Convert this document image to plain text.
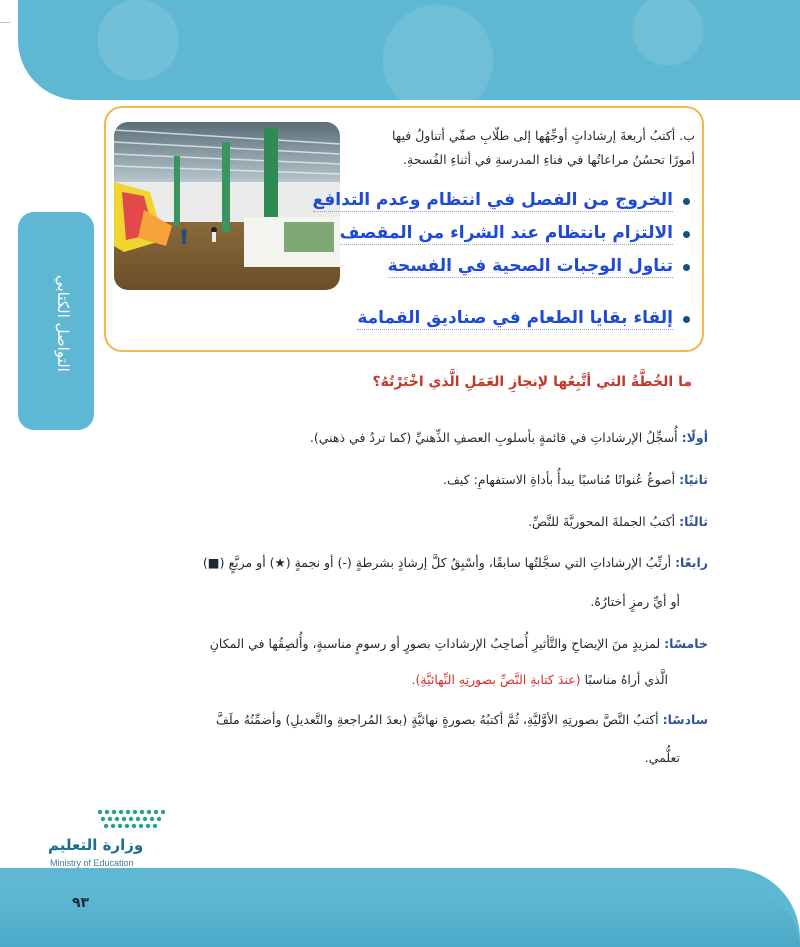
التواصل الكتابي
ب. أكتبُ أربعةَ إرشاداتٍ أوجِّهُها إلى طلّابِ صفّي أتناولُ فيها
أمورًا تحسُنُ مراعاتُها في فناءِ المدرسةِ في أثناءِ الفُسحةِ.
الخروج من الفصل في انتظام وعدم التدافع
الالتزام بانتظام عند الشراء من المقصف
تناول الوجبات الصحية في الفسحة
إلقاء بقايا الطعام في صناديق القمامة
ما الخُطَّةُ التي أتَّبِعُها لإنجازِ العَمَلِ الَّذي اخْتَرْتُهُ؟
أولًا: أُسجِّلُ الإرشاداتِ في قائمةٍ بأسلوبِ العصفِ الذِّهنيِّ (كما تردُ في ذهني).
ثانيًا: أصوغُ عُنوانًا مُناسبًا يبدأُ بأداةِ الاستفهامِ: كيف.
ثالثًا: أكتبُ الجملةَ المحوريَّةَ للنَّصِّ.
رابعًا: أرتِّبُ الإرشاداتِ التي سجَّلتُها سابقًا، وأسْبِقُ كلَّ إرشادٍ بشرطةٍ (-) أو نجمةٍ (★) أو مربَّعٍ (■)
أو أيِّ رمزٍ أختارُهُ.
خامسًا: لمزيدٍ منَ الإيضاحِ والتَّأثيرِ أُصاحِبُ الإرشاداتِ بصورٍ أو رسومٍ مناسبةٍ، وأُلصِقُها في المكانِ
الَّذي أراهُ مناسبًا (عندَ كتابةِ النَّصِّ بصورتِهِ النِّهائيَّةِ).
سادسًا: أكتبُ النَّصَّ بصورتِهِ الأوَّليَّةِ، ثُمَّ أكتبُهُ بصورةٍ نهائيَّةٍ (بعدَ المُراجعةِ والتَّعديلِ) وأضمِّنُهُ ملَفَّ
تعلُّمي.
وزارة التعليم
Ministry of Education
٩٣
